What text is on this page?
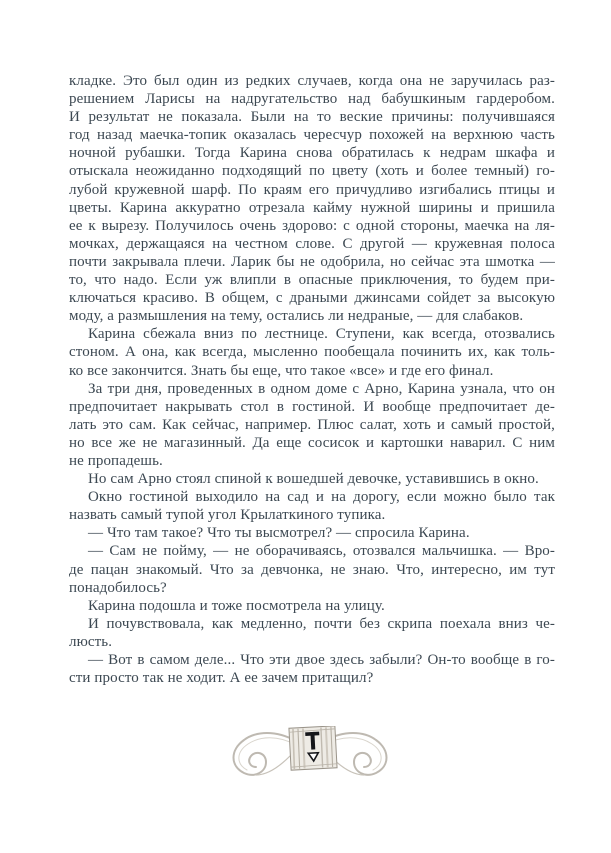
кладке. Это был один из редких случаев, когда она не заручилась раз-
решением Ларисы на надругательство над бабушкиным гардеробом.
И результат не показала. Были на то веские причины: получившаяся
год назад маечка-топик оказалась чересчур похожей на верхнюю часть
ночной рубашки. Тогда Карина снова обратилась к недрам шкафа и
отыскала неожиданно подходящий по цвету (хоть и более темный) го-
лубой кружевной шарф. По краям его причудливо изгибались птицы и
цветы. Карина аккуратно отрезала кайму нужной ширины и пришила
ее к вырезу. Получилось очень здорово: с одной стороны, маечка на ля-
мочках, держащаяся на честном слове. С другой — кружевная полоса
почти закрывала плечи. Ларик бы не одобрила, но сейчас эта шмотка —
то, что надо. Если уж влипли в опасные приключения, то будем при-
ключаться красиво. В общем, с драными джинсами сойдет за высокую
моду, а размышления на тему, остались ли недраные, — для слабаков.
Карина сбежала вниз по лестнице. Ступени, как всегда, отозвались
стоном. А она, как всегда, мысленно пообещала починить их, как толь-
ко все закончится. Знать бы еще, что такое «все» и где его финал.
За три дня, проведенных в одном доме с Арно, Карина узнала, что он
предпочитает накрывать стол в гостиной. И вообще предпочитает де-
лать это сам. Как сейчас, например. Плюс салат, хоть и самый простой,
но все же не магазинный. Да еще сосисок и картошки наварил. С ним
не пропадешь.
Но сам Арно стоял спиной к вошедшей девочке, уставившись в окно.
Окно гостиной выходило на сад и на дорогу, если можно было так
назвать самый тупой угол Крылаткиного тупика.
— Что там такое? Что ты высмотрел? — спросила Карина.
— Сам не пойму, — не оборачиваясь, отозвался мальчишка. — Вро-
де пацан знакомый. Что за девчонка, не знаю. Что, интересно, им тут
понадобилось?
Карина подошла и тоже посмотрела на улицу.
И почувствовала, как медленно, почти без скрипа поехала вниз че-
люсть.
— Вот в самом деле... Что эти двое здесь забыли? Он-то вообще в го-
сти просто так не ходит. А ее зачем притащил?
